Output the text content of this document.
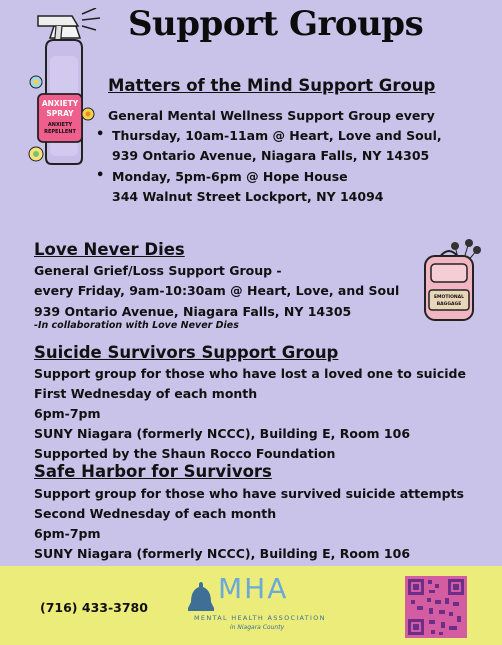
Support Groups
ANXIETY
SPRAY
ANXIETY
REPELLENT
Matters of the Mind Support Group
General Mental Wellness Support Group every
• Thursday, 10am-11am @ Heart, Love and Soul,
939 Ontario Avenue, Niagara Falls, NY 14305
• Monday, 5pm-6pm @ Hope House
344 Walnut Street Lockport, NY 14094
Love Never Dies
General Grief/Loss Support Group -
every Friday, 9am-10:30am @ Heart, Love, and Soul
939 Ontario Avenue, Niagara Falls, NY 14305
-In collaboration with Love Never Dies
EMOTIONAL
BAGGAGE
Suicide Survivors Support Group
Support group for those who have lost a loved one to suicide
First Wednesday of each month
6pm-7pm
SUNY Niagara (formerly NCCC), Building E, Room 106
Supported by the Shaun Rocco Foundation
Safe Harbor for Survivors
Support group for those who have survived suicide attempts
Second Wednesday of each month
6pm-7pm
SUNY Niagara (formerly NCCC), Building E, Room 106
(716) 433-3780
MHA
MENTAL HEALTH ASSOCIATION
in Niagara County
